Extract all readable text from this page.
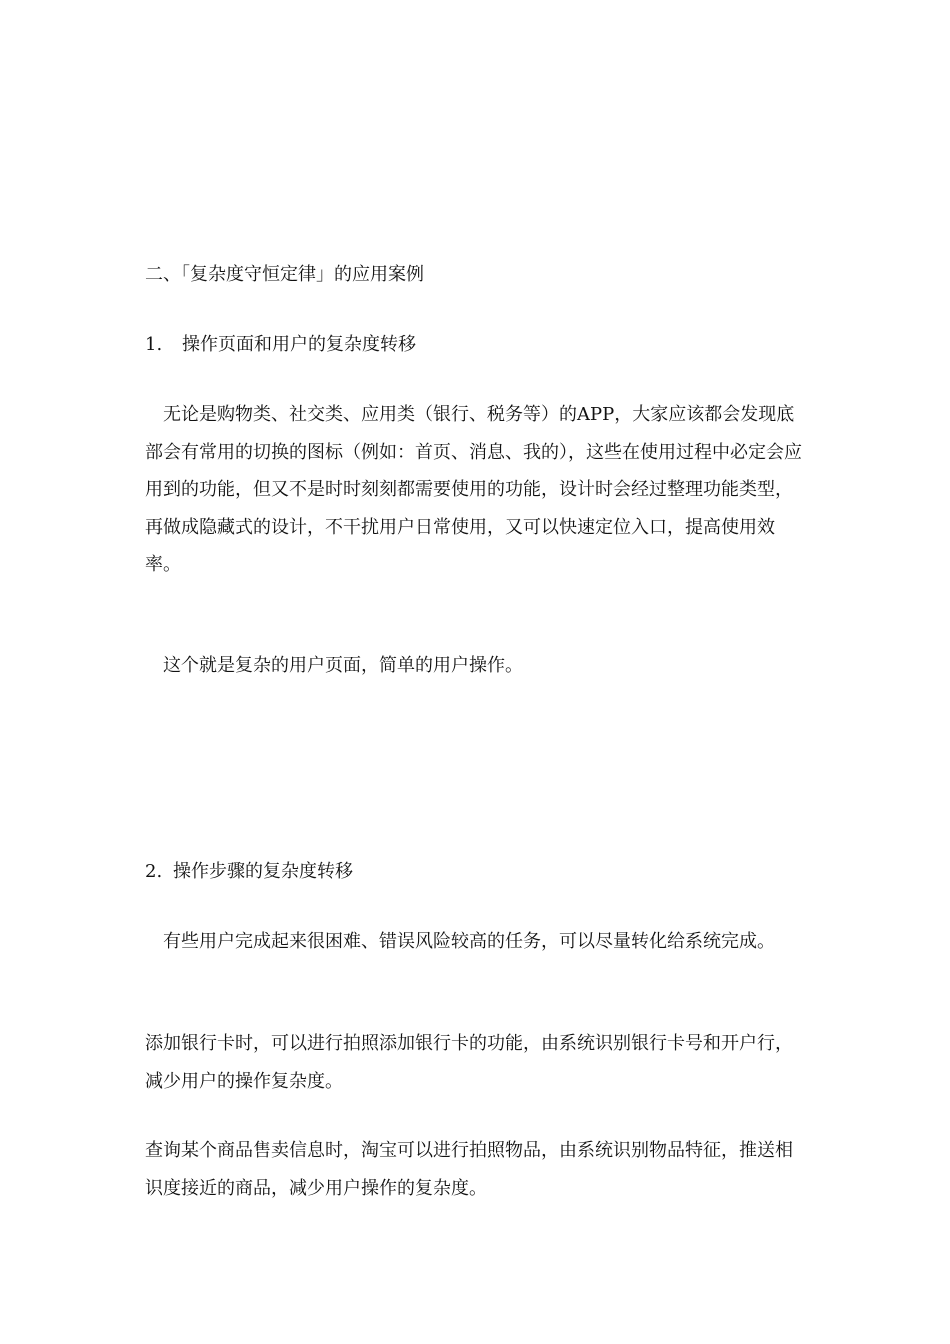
二、「复杂度守恒定律」的应用案例

1. 操作页面和用户的复杂度转移

无论是购物类、社交类、应用类（银行、税务等）的APP，大家应该都会发现底部会有常用的切换的图标（例如：首页、消息、我的），这些在使用过程中必定会应用到的功能，但又不是时时刻刻都需要使用的功能，设计时会经过整理功能类型，再做成隐藏式的设计，不干扰用户日常使用，又可以快速定位入口，提高使用效率。

这个就是复杂的用户页面，简单的用户操作。

2. 操作步骤的复杂度转移

有些用户完成起来很困难、错误风险较高的任务，可以尽量转化给系统完成。

添加银行卡时，可以进行拍照添加银行卡的功能，由系统识别银行卡号和开户行，减少用户的操作复杂度。

查询某个商品售卖信息时，淘宝可以进行拍照物品，由系统识别物品特征，推送相识度接近的商品，减少用户操作的复杂度。
